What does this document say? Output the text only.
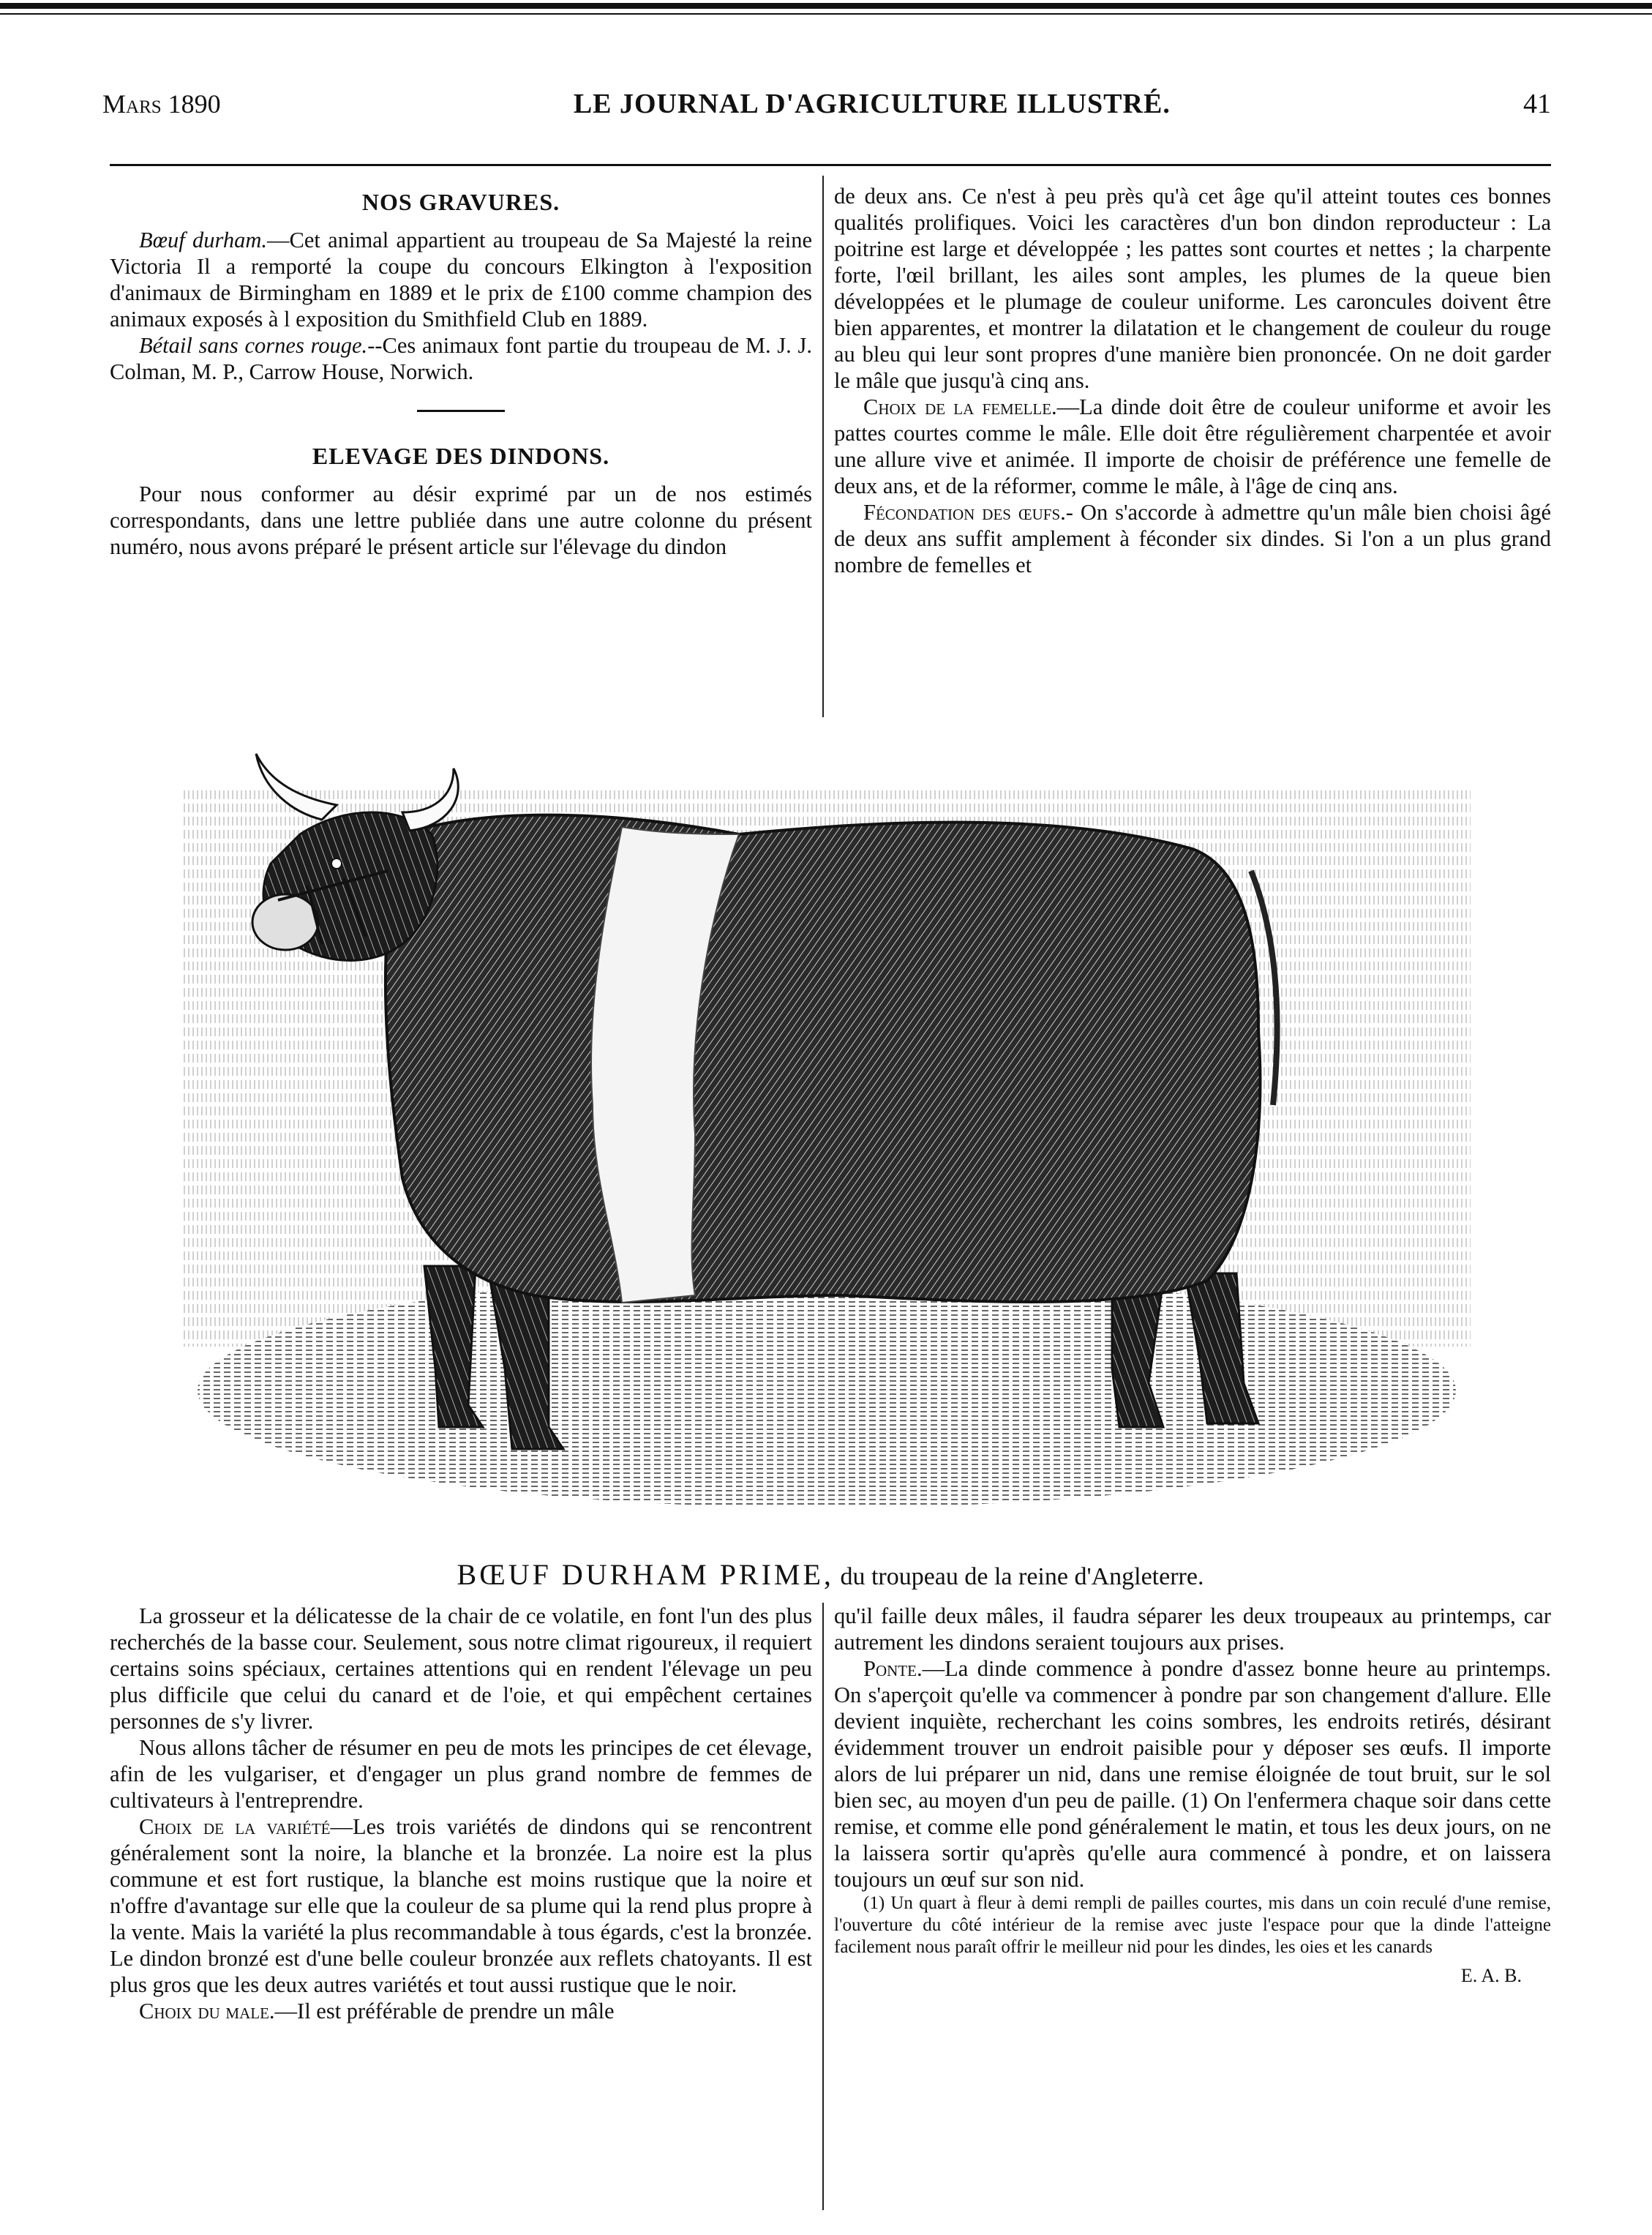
Mars 1890	LE JOURNAL D'AGRICULTURE ILLUSTRÉ.	41
NOS GRAVURES.

Bœuf durham.—Cet animal appartient au troupeau de Sa Majesté la reine Victoria Il a remporté la coupe du concours Elkington à l'exposition d'animaux de Birmingham en 1889 et le prix de £100 comme champion des animaux exposés à l exposition du Smithfield Club en 1889.

Bétail sans cornes rouge.--Ces animaux font partie du troupeau de M. J. J. Colman, M. P., Carrow House, Norwich.

ELEVAGE DES DINDONS.

Pour nous conformer au désir exprimé par un de nos estimés correspondants, dans une lettre publiée dans une autre colonne du présent numéro, nous avons préparé le présent article sur l'élevage du dindon

de deux ans. Ce n'est à peu près qu'à cet âge qu'il atteint toutes ces bonnes qualités prolifiques. Voici les caractères d'un bon dindon reproducteur : La poitrine est large et développée ; les pattes sont courtes et nettes ; la charpente forte, l'œil brillant, les ailes sont amples, les plumes de la queue bien développées et le plumage de couleur uniforme. Les caroncules doivent être bien apparentes, et montrer la dilatation et le changement de couleur du rouge au bleu qui leur sont propres d'une manière bien prononcée. On ne doit garder le mâle que jusqu'à cinq ans.

Choix de la femelle.—La dinde doit être de couleur uniforme et avoir les pattes courtes comme le mâle. Elle doit être régulièrement charpentée et avoir une allure vive et animée. Il importe de choisir de préférence une femelle de deux ans, et de la réformer, comme le mâle, à l'âge de cinq ans.

Fécondation des œufs.- On s'accorde à admettre qu'un mâle bien choisi âgé de deux ans suffit amplement à féconder six dindes. Si l'on a un plus grand nombre de femelles et

BŒUF DURHAM PRIME, du troupeau de la reine d'Angleterre.

La grosseur et la délicatesse de la chair de ce volatile, en font l'un des plus recherchés de la basse cour. Seulement, sous notre climat rigoureux, il requiert certains soins spéciaux, certaines attentions qui en rendent l'élevage un peu plus difficile que celui du canard et de l'oie, et qui empêchent certaines personnes de s'y livrer.

Nous allons tâcher de résumer en peu de mots les principes de cet élevage, afin de les vulgariser, et d'engager un plus grand nombre de femmes de cultivateurs à l'entreprendre.

Choix de la variété—Les trois variétés de dindons qui se rencontrent généralement sont la noire, la blanche et la bronzée. La noire est la plus commune et est fort rustique, la blanche est moins rustique que la noire et n'offre d'avantage sur elle que la couleur de sa plume qui la rend plus propre à la vente. Mais la variété la plus recommandable à tous égards, c'est la bronzée. Le dindon bronzé est d'une belle couleur bronzée aux reflets chatoyants. Il est plus gros que les deux autres variétés et tout aussi rustique que le noir.

Choix du male.—Il est préférable de prendre un mâle

qu'il faille deux mâles, il faudra séparer les deux troupeaux au printemps, car autrement les dindons seraient toujours aux prises.

Ponte.—La dinde commence à pondre d'assez bonne heure au printemps. On s'aperçoit qu'elle va commencer à pondre par son changement d'allure. Elle devient inquiète, recherchant les coins sombres, les endroits retirés, désirant évidemment trouver un endroit paisible pour y déposer ses œufs. Il importe alors de lui préparer un nid, dans une remise éloignée de tout bruit, sur le sol bien sec, au moyen d'un peu de paille. (1) On l'enfermera chaque soir dans cette remise, et comme elle pond généralement le matin, et tous les deux jours, on ne la laissera sortir qu'après qu'elle aura commencé à pondre, et on laissera toujours un œuf sur son nid.

(1) Un quart à fleur à demi rempli de pailles courtes, mis dans un coin reculé d'une remise, l'ouverture du côté intérieur de la remise avec juste l'espace pour que la dinde l'atteigne facilement nous paraît offrir le meilleur nid pour les dindes, les oies et les canards

E. A. B.
